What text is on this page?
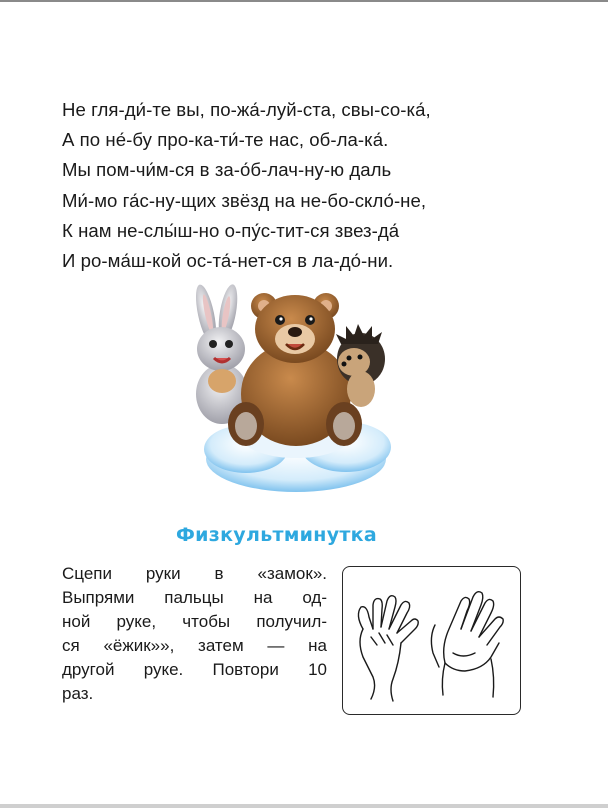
Не гля-ди́-те вы, по-жа́-луй-ста, свы-со-ка́,
А по не́-бу про-ка-ти́-те нас, об-ла-ка́.
Мы пом-чи́м-ся в за-о́б-лач-ну-ю даль
Ми́-мо га́с-ну-щих звёзд на не-бо-скло́-не,
К нам не-слы́ш-но о-пу́с-тит-ся звез-да́
И ро-ма́ш-кой ос-та́-нет-ся в ла-до́-ни.
Физкультминутка
Сцепи руки в «замок».
Выпрями пальцы на од-
ной руке, чтобы получил-
ся «ёжик»», затем — на
другой руке. Повтори 10
раз.
